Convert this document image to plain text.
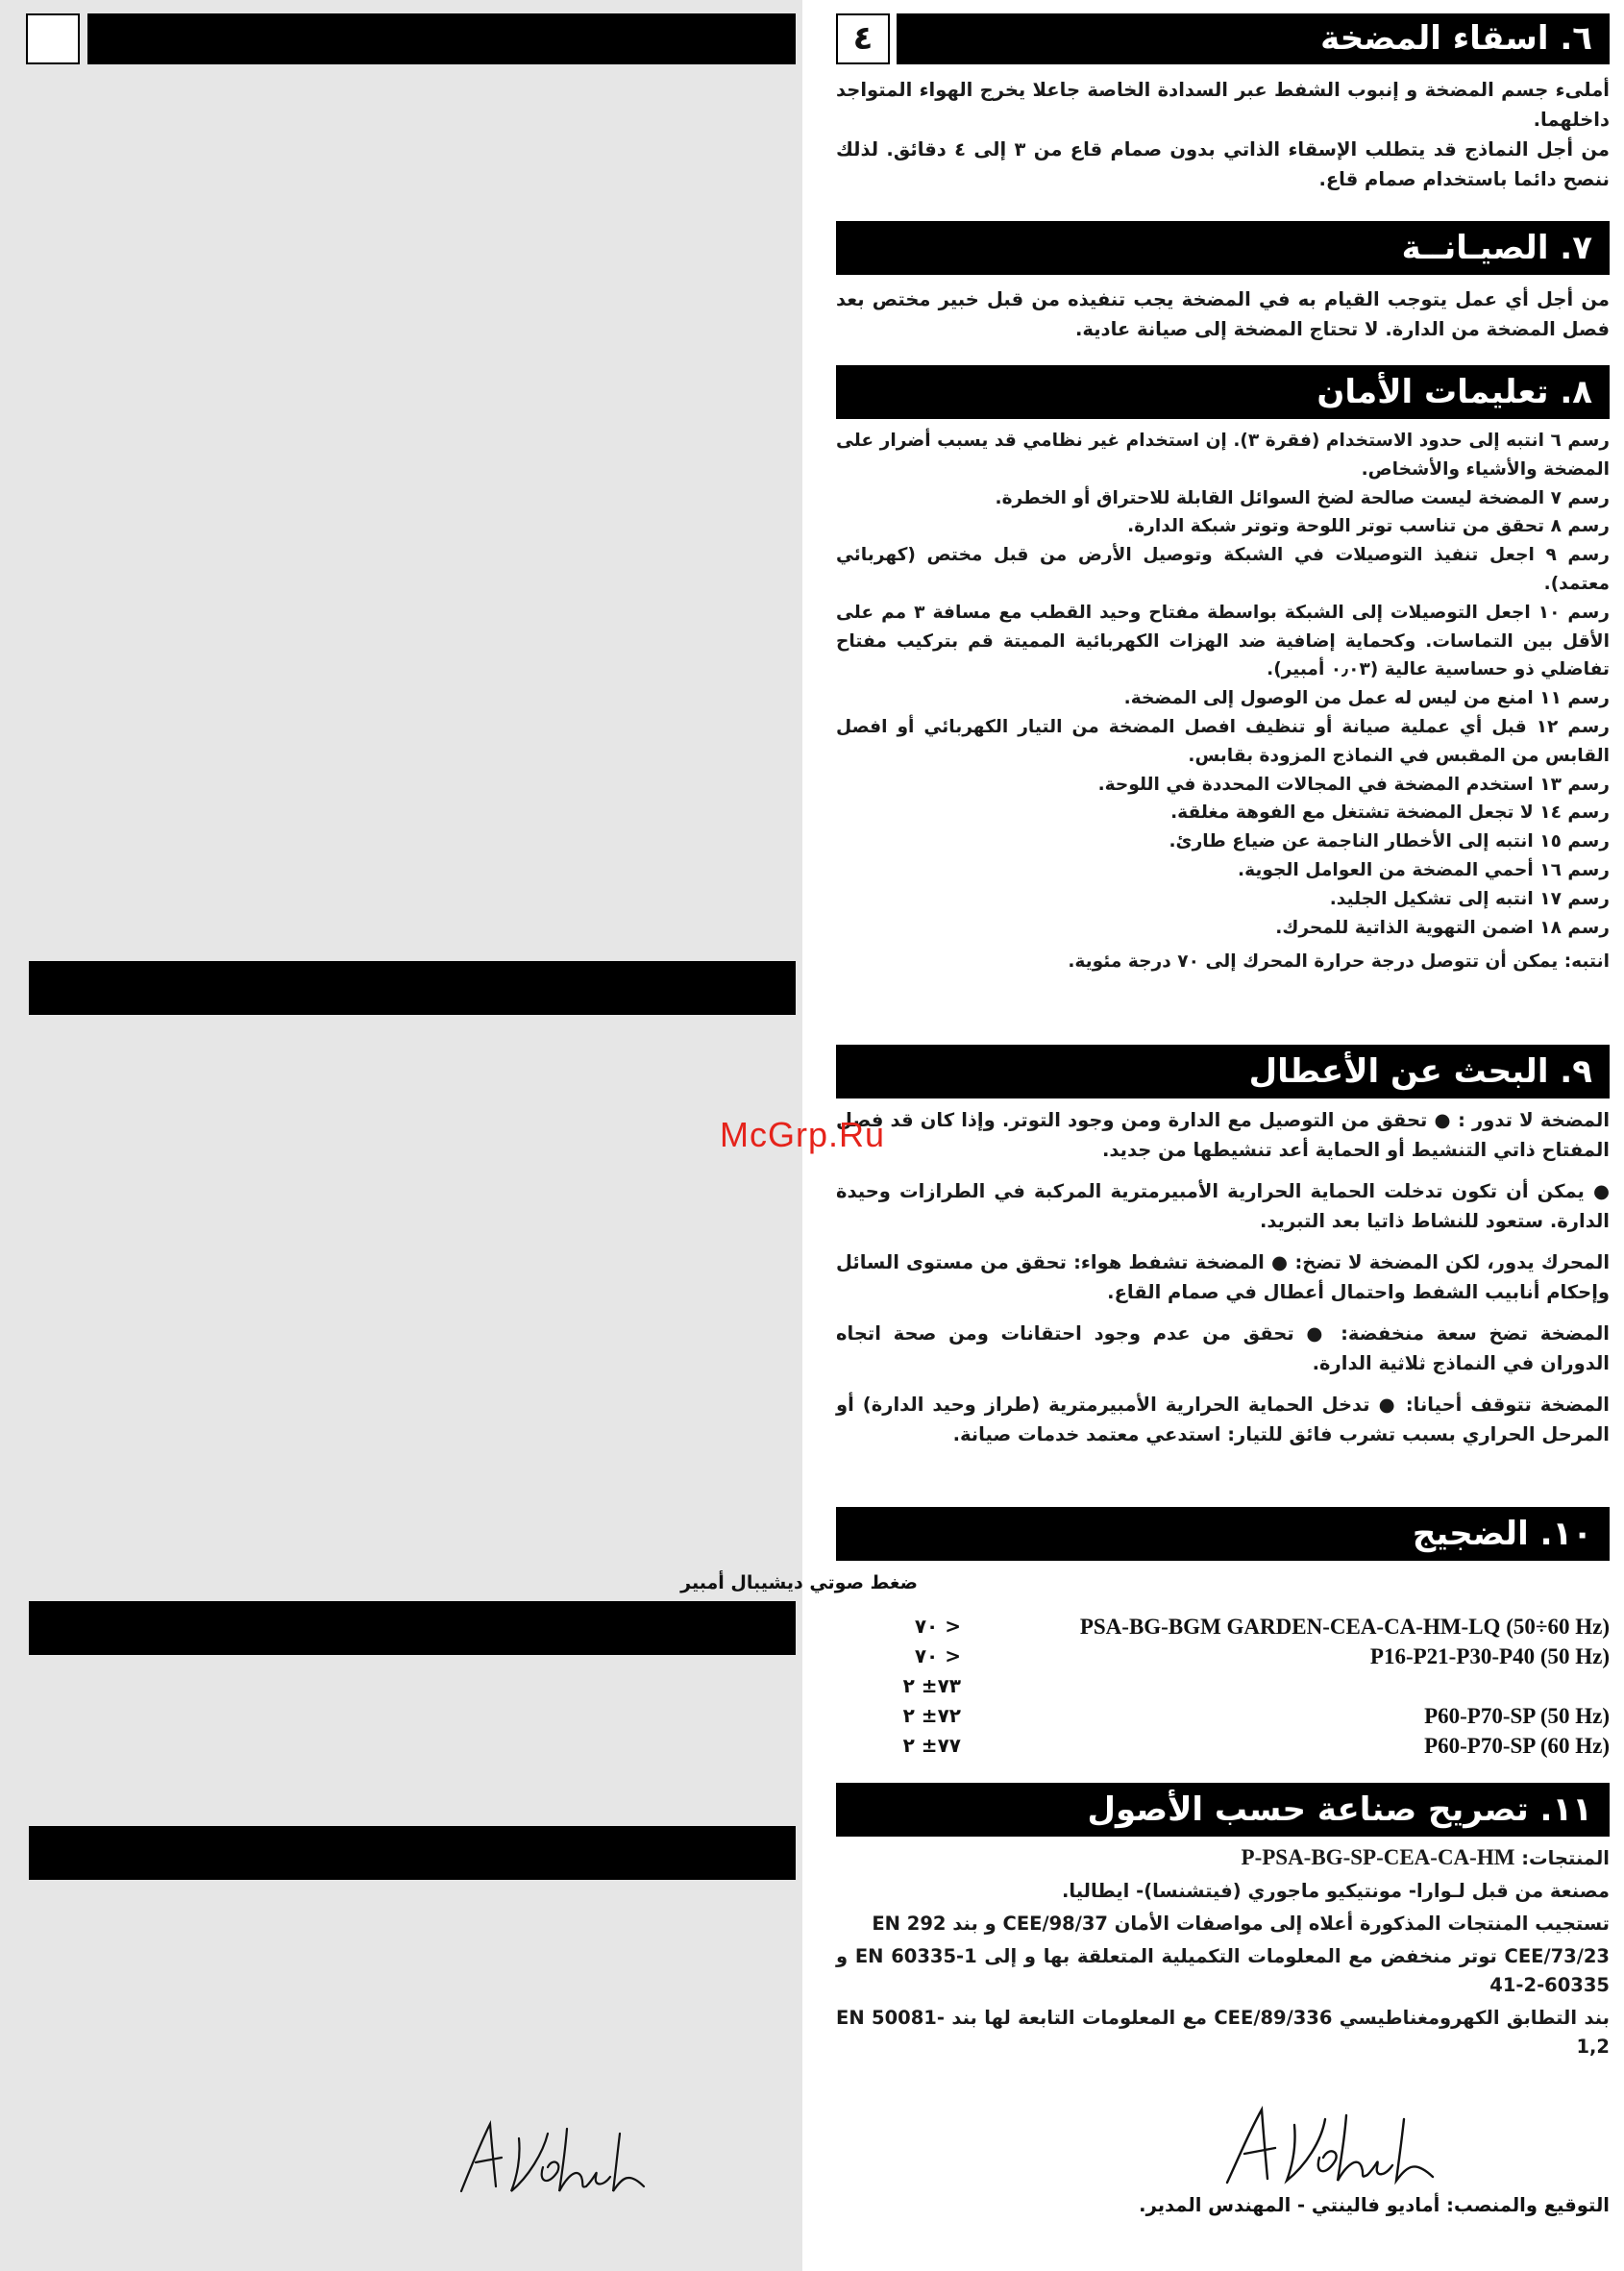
٤	٦. اسقاء المضخة

أملىء جسم المضخة و إنبوب الشفط عبر السدادة الخاصة جاعلا يخرج الهواء المتواجد داخلهما.

من أجل النماذج قد يتطلب الإسقاء الذاتي بدون صمام قاع من ٣ إلى ٤ دقائق. لذلك ننصح دائما باستخدام صمام قاع.

٧. الصيـانــة

من أجل أي عمل يتوجب القيام به في المضخة يجب تنفيذه من قبل خبير مختص بعد فصل المضخة من الدارة. لا تحتاج المضخة إلى صيانة عادية.

٨. تعليمات الأمان

رسم ٦ انتبه إلى حدود الاستخدام (فقرة ٣). إن استخدام غير نظامي قد يسبب أضرار على المضخة والأشياء والأشخاص.

رسم ٧ المضخة ليست صالحة لضخ السوائل القابلة للاحتراق أو الخطرة.

رسم ٨ تحقق من تناسب توتر اللوحة وتوتر شبكة الدارة.

رسم ٩ اجعل تنفيذ التوصيلات في الشبكة وتوصيل الأرض من قبل مختص (كهربائي معتمد).

رسم ١٠ اجعل التوصيلات إلى الشبكة بواسطة مفتاح وحيد القطب مع مسافة ٣ مم على الأقل بين التماسات. وكحماية إضافية ضد الهزات الكهربائية المميتة قم بتركيب مفتاح تفاضلي ذو حساسية عالية (٠٫٠٣ أمبير).

رسم ١١ امنع من ليس له عمل من الوصول إلى المضخة.

رسم ١٢ قبل أي عملية صيانة أو تنظيف افصل المضخة من التيار الكهربائي أو افصل القابس من المقبس في النماذج المزودة بقابس.

رسم ١٣ استخدم المضخة في المجالات المحددة في اللوحة.

رسم ١٤ لا تجعل المضخة تشتغل مع الفوهة مغلقة.

رسم ١٥ انتبه إلى الأخطار الناجمة عن ضياع طارئ.

رسم ١٦ أحمي المضخة من العوامل الجوية.

رسم ١٧ انتبه إلى تشكيل الجليد.

رسم ١٨ اضمن التهوية الذاتية للمحرك.

انتبه: يمكن أن تتوصل درجة حرارة المحرك إلى ٧٠ درجة مئوية.

٩. البحث عن الأعطال

المضخة لا تدور : ● تحقق من التوصيل مع الدارة ومن وجود التوتر. وإذا كان قد فصل المفتاح ذاتي التنشيط أو الحماية أعد تنشيطها من جديد.

● يمكن أن تكون تدخلت الحماية الحرارية الأمبيرمترية المركبة في الطرازات وحيدة الدارة. ستعود للنشاط ذاتيا بعد التبريد.

المحرك يدور، لكن المضخة لا تضخ: ● المضخة تشفط هواء: تحقق من مستوى السائل وإحكام أنابيب الشفط واحتمال أعطال في صمام القاع.

المضخة تضخ سعة منخفضة: ● تحقق من عدم وجود احتقانات ومن صحة اتجاه الدوران في النماذج ثلاثية الدارة.

المضخة تتوقف أحيانا: ● تدخل الحماية الحرارية الأمبيرمترية (طراز وحيد الدارة) أو المرحل الحراري بسبب تشرب فائق للتيار: استدعي معتمد خدمات صيانة.

١٠. الضجيج
ضغط صوتي ديشيبال أمبير
< ٧٠	PSA-BG-BGM GARDEN-CEA-CA-HM-LQ (50÷60 Hz)
< ٧٠	P16-P21-P30-P40 (50 Hz)
٧٣± ٢
٧٢± ٢	P60-P70-SP (50 Hz)
٧٧± ٢	P60-P70-SP (60 Hz)
١١. تصريح صناعة حسب الأصول

المنتجات: P-PSA-BG-SP-CEA-CA-HM

مصنعة من قبل لـوارا- مونتيكيو ماجوري (فيتشنسا)- ايطاليا.

تستجيب المنتجات المذكورة أعلاه إلى مواصفات الأمان 98/37/CEE و بند EN 292

73/23/CEE توتر منخفض مع المعلومات التكميلية المتعلقة بها و إلى EN 60335-1 و 60335-2-41

بند التطابق الكهرومغناطيسي 89/336/CEE مع المعلومات التابعة لها بند EN 50081-1,2

التوقيع والمنصب: أماديو فالينتي - المهندس المدير.
McGrp.Ru
